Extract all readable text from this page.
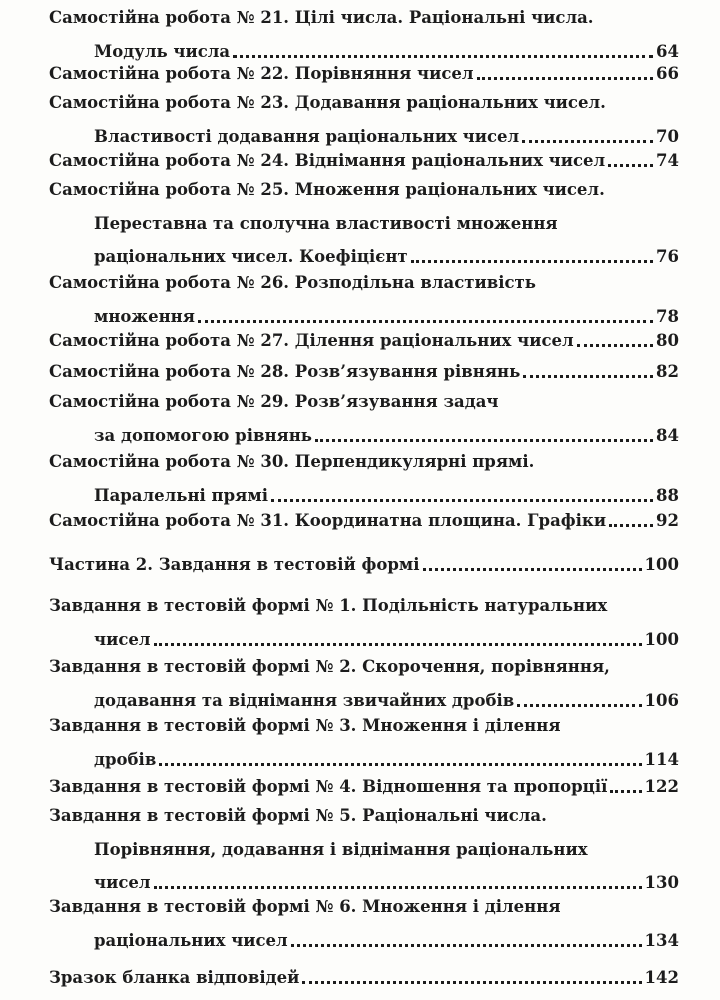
Самостійна робота № 21. Цілі числа. Раціональні числа.
Модуль числа	64
Самостійна робота № 22. Порівняння чисел	66
Самостійна робота № 23. Додавання раціональних чисел.
Властивості додавання раціональних чисел	70
Самостійна робота № 24. Віднімання раціональних чисел	74
Самостійна робота № 25. Множення раціональних чисел.
Переставна та сполучна властивості множення
раціональних чисел. Коефіцієнт	76
Самостійна робота № 26. Розподільна властивість
множення	78
Самостійна робота № 27. Ділення раціональних чисел	80
Самостійна робота № 28. Розв’язування рівнянь	82
Самостійна робота № 29. Розв’язування задач
за допомогою рівнянь	84
Самостійна робота № 30. Перпендикулярні прямі.
Паралельні прямі	88
Самостійна робота № 31. Координатна площина. Графіки	92
Частина 2. Завдання в тестовій формі	100
Завдання в тестовій формі № 1. Подільність натуральних
чисел	100
Завдання в тестовій формі № 2. Скорочення, порівняння,
додавання та віднімання звичайних дробів	106
Завдання в тестовій формі № 3. Множення і ділення
дробів	114
Завдання в тестовій формі № 4. Відношення та пропорції 122
Завдання в тестовій формі № 5. Раціональні числа.
Порівняння, додавання і віднімання раціональних
чисел	130
Завдання в тестовій формі № 6. Множення і ділення
раціональних чисел	134
Зразок бланка відповідей	142
